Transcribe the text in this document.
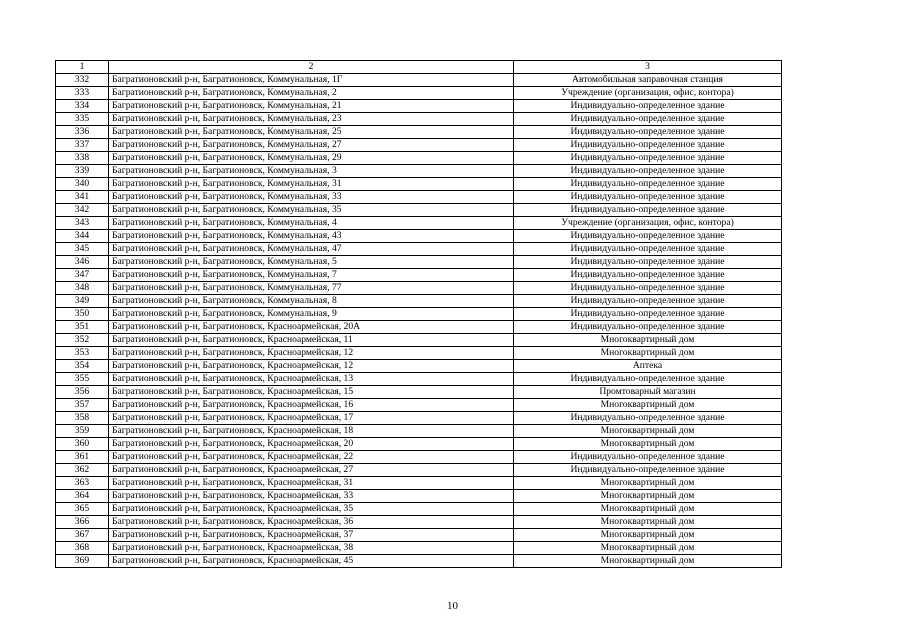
1	2	3
332	Багратионовский р-н, Багратионовск, Коммунальная, 1Г	Автомобильная заправочная станция
333	Багратионовский р-н, Багратионовск, Коммунальная, 2	Учреждение (организация, офис, контора)
334	Багратионовский р-н, Багратионовск, Коммунальная, 21	Индивидуально-определенное здание
335	Багратионовский р-н, Багратионовск, Коммунальная, 23	Индивидуально-определенное здание
336	Багратионовский р-н, Багратионовск, Коммунальная, 25	Индивидуально-определенное здание
337	Багратионовский р-н, Багратионовск, Коммунальная, 27	Индивидуально-определенное здание
338	Багратионовский р-н, Багратионовск, Коммунальная, 29	Индивидуально-определенное здание
339	Багратионовский р-н, Багратионовск, Коммунальная, 3	Индивидуально-определенное здание
340	Багратионовский р-н, Багратионовск, Коммунальная, 31	Индивидуально-определенное здание
341	Багратионовский р-н, Багратионовск, Коммунальная, 33	Индивидуально-определенное здание
342	Багратионовский р-н, Багратионовск, Коммунальная, 35	Индивидуально-определенное здание
343	Багратионовский р-н, Багратионовск, Коммунальная, 4	Учреждение (организация, офис, контора)
344	Багратионовский р-н, Багратионовск, Коммунальная, 43	Индивидуально-определенное здание
345	Багратионовский р-н, Багратионовск, Коммунальная, 47	Индивидуально-определенное здание
346	Багратионовский р-н, Багратионовск, Коммунальная, 5	Индивидуально-определенное здание
347	Багратионовский р-н, Багратионовск, Коммунальная, 7	Индивидуально-определенное здание
348	Багратионовский р-н, Багратионовск, Коммунальная, 77	Индивидуально-определенное здание
349	Багратионовский р-н, Багратионовск, Коммунальная, 8	Индивидуально-определенное здание
350	Багратионовский р-н, Багратионовск, Коммунальная, 9	Индивидуально-определенное здание
351	Багратионовский р-н, Багратионовск, Красноармейская, 20А	Индивидуально-определенное здание
352	Багратионовский р-н, Багратионовск, Красноармейская, 11	Многоквартирный дом
353	Багратионовский р-н, Багратионовск, Красноармейская, 12	Многоквартирный дом
354	Багратионовский р-н, Багратионовск, Красноармейская, 12	Аптека
355	Багратионовский р-н, Багратионовск, Красноармейская, 13	Индивидуально-определенное здание
356	Багратионовский р-н, Багратионовск, Красноармейская, 15	Промтоварный магазин
357	Багратионовский р-н, Багратионовск, Красноармейская, 16	Многоквартирный дом
358	Багратионовский р-н, Багратионовск, Красноармейская, 17	Индивидуально-определенное здание
359	Багратионовский р-н, Багратионовск, Красноармейская, 18	Многоквартирный дом
360	Багратионовский р-н, Багратионовск, Красноармейская, 20	Многоквартирный дом
361	Багратионовский р-н, Багратионовск, Красноармейская, 22	Индивидуально-определенное здание
362	Багратионовский р-н, Багратионовск, Красноармейская, 27	Индивидуально-определенное здание
363	Багратионовский р-н, Багратионовск, Красноармейская, 31	Многоквартирный дом
364	Багратионовский р-н, Багратионовск, Красноармейская, 33	Многоквартирный дом
365	Багратионовский р-н, Багратионовск, Красноармейская, 35	Многоквартирный дом
366	Багратионовский р-н, Багратионовск, Красноармейская, 36	Многоквартирный дом
367	Багратионовский р-н, Багратионовск, Красноармейская, 37	Многоквартирный дом
368	Багратионовский р-н, Багратионовск, Красноармейская, 38	Многоквартирный дом
369	Багратионовский р-н, Багратионовск, Красноармейская, 45	Многоквартирный дом
10
